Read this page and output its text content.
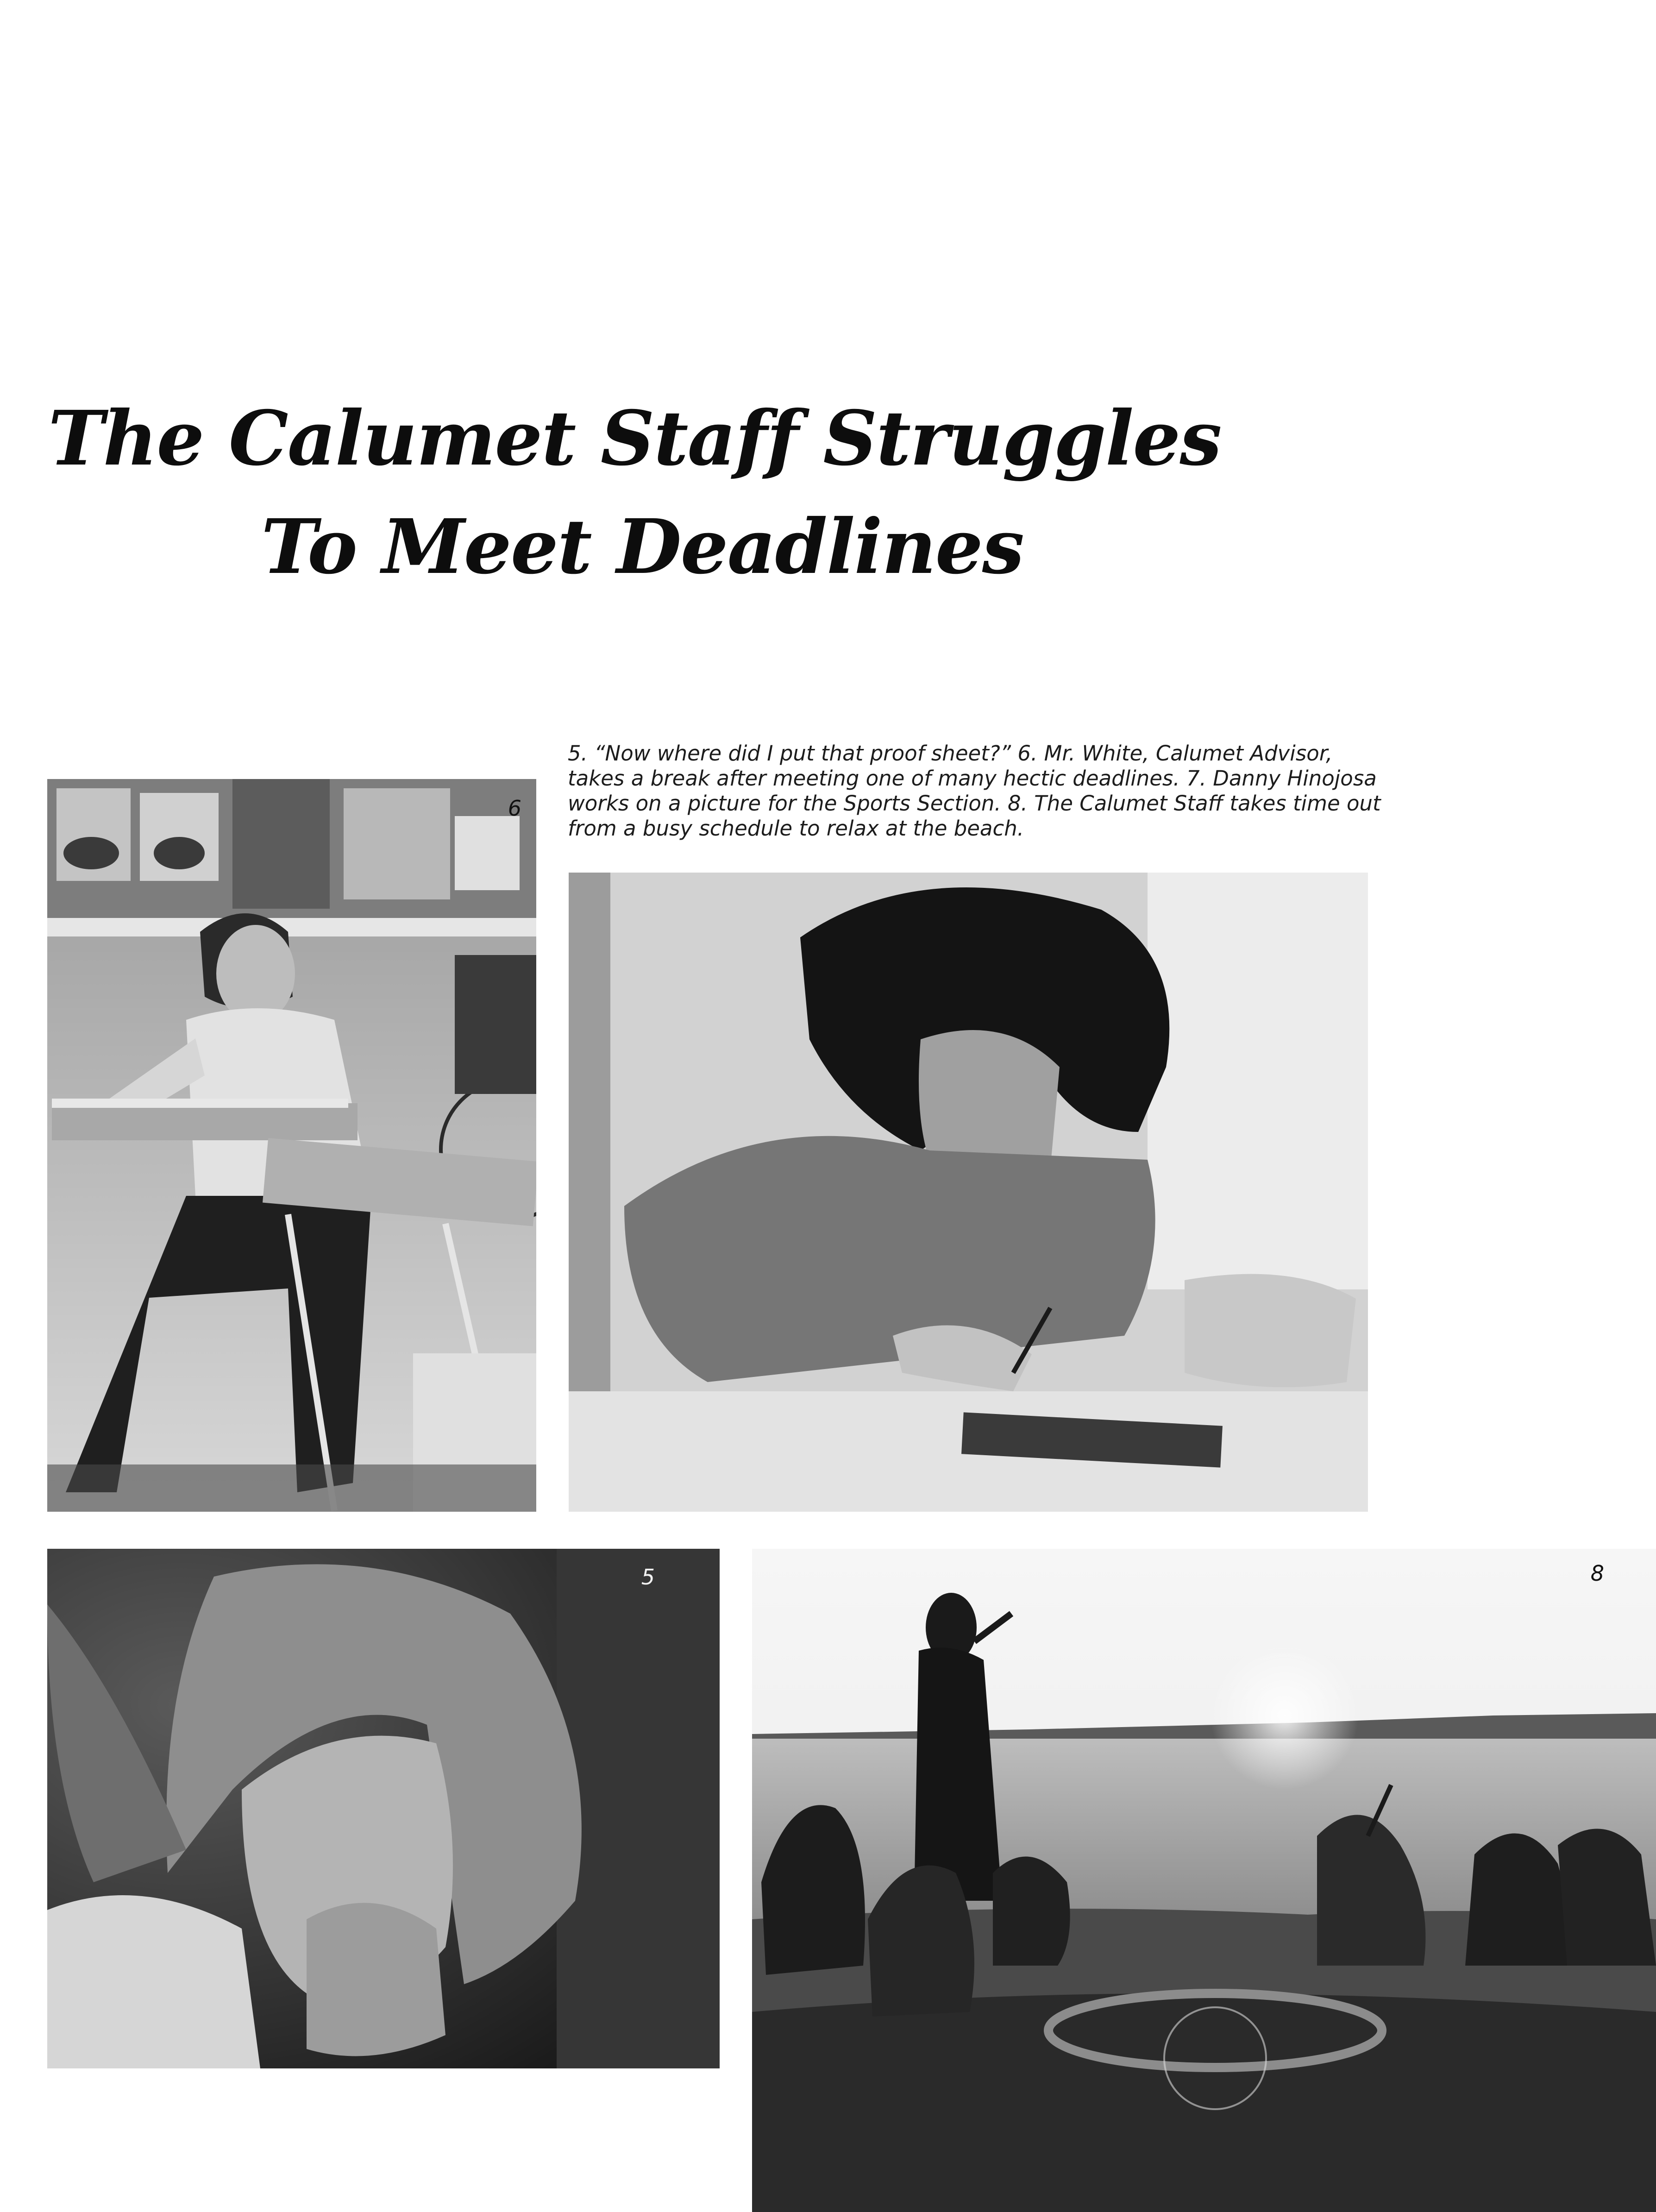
The Calumet Staff Struggles
To Meet Deadlines

5. “Now where did I put that proof sheet?” 6. Mr. White, Calumet Advisor,

takes a break after meeting one of many hectic deadlines. 7. Danny Hinojosa

works on a picture for the Sports Section. 8. The Calumet Staff takes time out

from a busy schedule to relax at the beach.

6
5	8
